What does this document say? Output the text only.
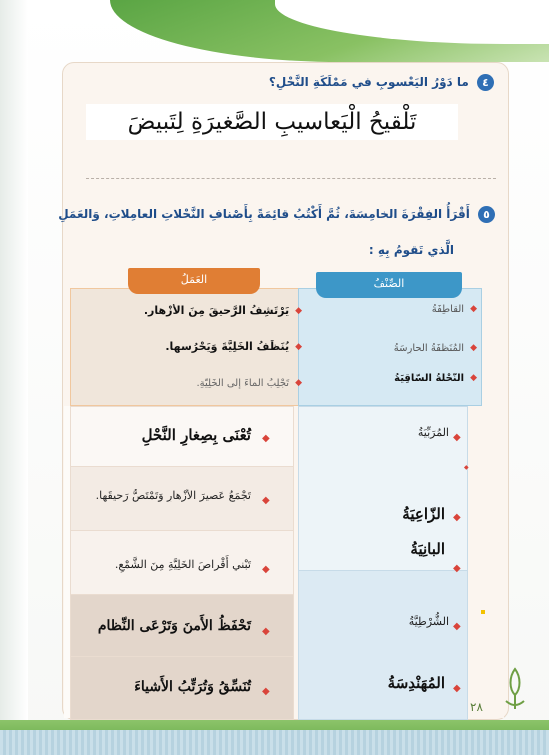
٤ ما دَوْرُ اليَعْسوبِ في مَمْلَكَةِ النَّحْلِ؟
تَلْقيحُ الْيَعاسيبِ الصَّغيرَةِ لِتَبيضَ
٥ أَقْرَأُ الفِقْرَةَ الخامِسَةَ، ثُمَّ أَكْتُبُ قائِمَةً بِأَصْنافِ النَّحْلاتِ العامِلاتِ، وَالعَمَلِ
الَّذي تَقومُ بِهِ :
العَمَلُ	الصِّنْفُ
◆القاطِفَةُ
◆المُنَظِّفَةُ الحارِسَةُ
◆النَّحْلَةُ السّاقِيَةُ
◆يَرْتَشِفُ الرَّحيقَ مِنَ الأَزْهارِ.
◆يُنَظِّفُ الخَلِيَّةَ وَيَحْرُسها.
◆تَجْلِبُ الماءَ إلى الخَلِيَّةِ.
◆
تُعْنَى بِصِغارِ النَّحْلِ
◆
تَجْمَعُ عَصيرَ الأَزْهارِ وَتَمْتَصُّ رَحيقَها.
◆
تَبْني أَقْراصَ الخَلِيَّةِ مِنَ الشَّمْعِ.
◆
تَحْفَظُ الأَمنَ وَتَرْعَى النِّظام
◆
تُنَسِّقُ وَتُرَتِّبُ الأَشياءَ
◆
المُرَبِّيَةُ
◆
◆
الزّاعِيَةُ
◆
البانِيَةُ
◆
الشُّرْطِيَّةُ
◆
المُهَنْدِسَةُ
٢٨
